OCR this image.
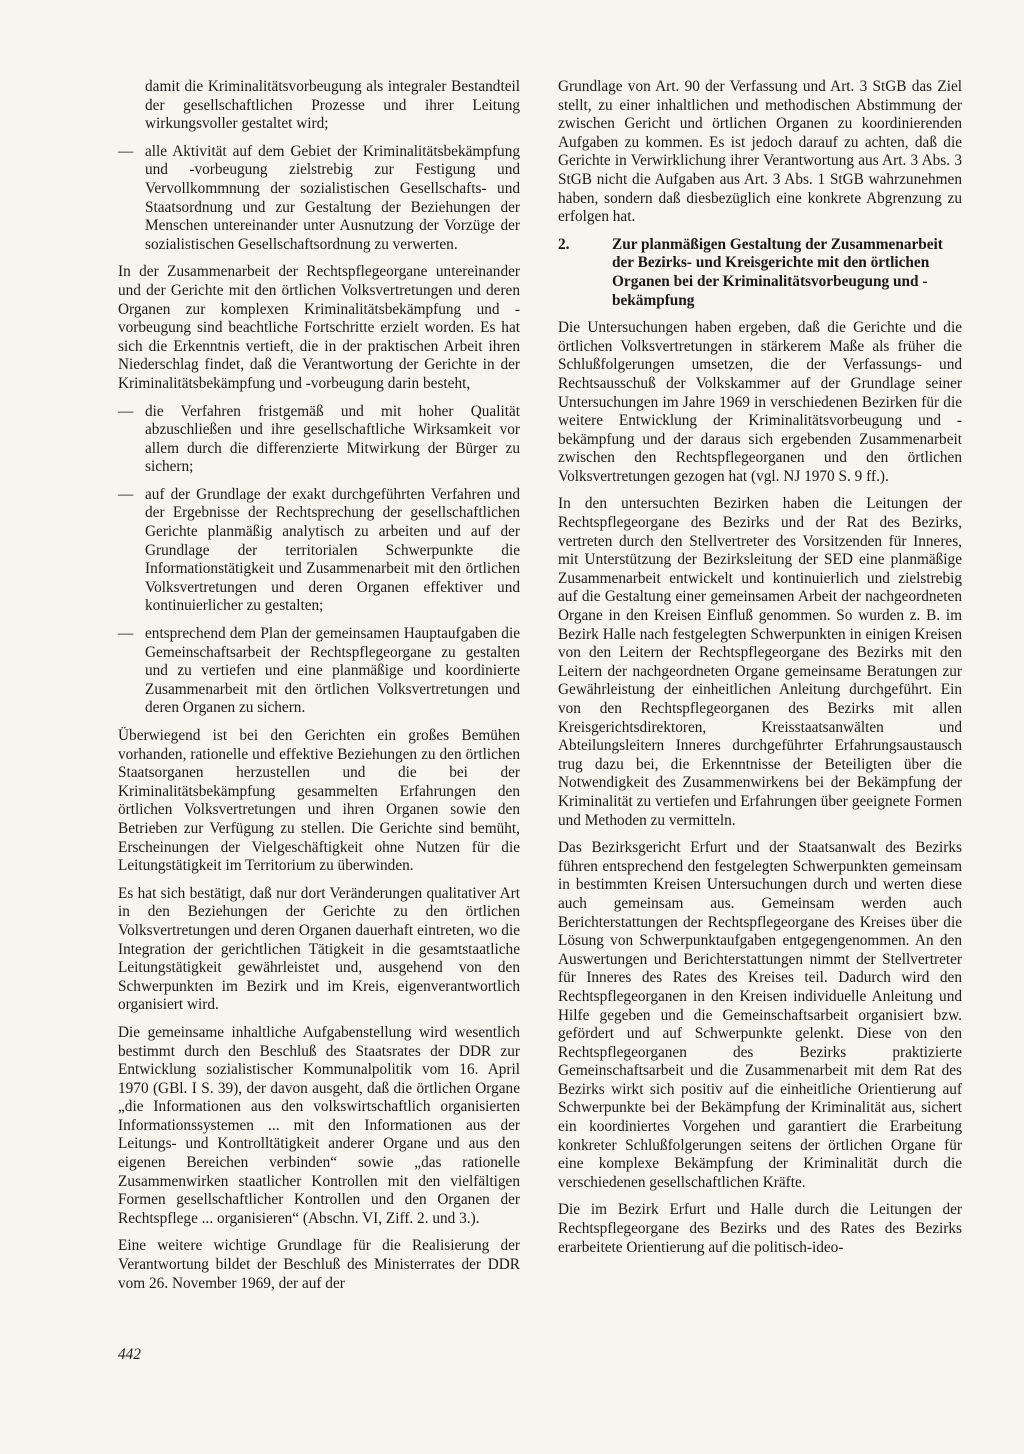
damit die Kriminalitätsvorbeugung als integraler Bestandteil der gesellschaftlichen Prozesse und ihrer Leitung wirkungsvoller gestaltet wird;

— alle Aktivität auf dem Gebiet der Kriminalitätsbekämpfung und -vorbeugung zielstrebig zur Festigung und Vervollkommnung der sozialistischen Gesellschafts- und Staatsordnung und zur Gestaltung der Beziehungen der Menschen untereinander unter Ausnutzung der Vorzüge der sozialistischen Gesellschaftsordnung zu verwerten.

In der Zusammenarbeit der Rechtspflegeorgane untereinander und der Gerichte mit den örtlichen Volksvertretungen und deren Organen zur komplexen Kriminalitätsbekämpfung und -vorbeugung sind beachtliche Fortschritte erzielt worden. Es hat sich die Erkenntnis vertieft, die in der praktischen Arbeit ihren Niederschlag findet, daß die Verantwortung der Gerichte in der Kriminalitätsbekämpfung und -vorbeugung darin besteht,

— die Verfahren fristgemäß und mit hoher Qualität abzuschließen und ihre gesellschaftliche Wirksamkeit vor allem durch die differenzierte Mitwirkung der Bürger zu sichern;

— auf der Grundlage der exakt durchgeführten Verfahren und der Ergebnisse der Rechtsprechung der gesellschaftlichen Gerichte planmäßig analytisch zu arbeiten und auf der Grundlage der territorialen Schwerpunkte die Informationstätigkeit und Zusammenarbeit mit den örtlichen Volksvertretungen und deren Organen effektiver und kontinuierlicher zu gestalten;

— entsprechend dem Plan der gemeinsamen Hauptaufgaben die Gemeinschaftsarbeit der Rechtspflegeorgane zu gestalten und zu vertiefen und eine planmäßige und koordinierte Zusammenarbeit mit den örtlichen Volksvertretungen und deren Organen zu sichern.

Überwiegend ist bei den Gerichten ein großes Bemühen vorhanden, rationelle und effektive Beziehungen zu den örtlichen Staatsorganen herzustellen und die bei der Kriminalitätsbekämpfung gesammelten Erfahrungen den örtlichen Volksvertretungen und ihren Organen sowie den Betrieben zur Verfügung zu stellen. Die Gerichte sind bemüht, Erscheinungen der Vielgeschäftigkeit ohne Nutzen für die Leitungstätigkeit im Territorium zu überwinden.

Es hat sich bestätigt, daß nur dort Veränderungen qualitativer Art in den Beziehungen der Gerichte zu den örtlichen Volksvertretungen und deren Organen dauerhaft eintreten, wo die Integration der gerichtlichen Tätigkeit in die gesamtstaatliche Leitungstätigkeit gewährleistet und, ausgehend von den Schwerpunkten im Bezirk und im Kreis, eigenverantwortlich organisiert wird.

Die gemeinsame inhaltliche Aufgabenstellung wird wesentlich bestimmt durch den Beschluß des Staatsrates der DDR zur Entwicklung sozialistischer Kommunalpolitik vom 16. April 1970 (GBl. I S. 39), der davon ausgeht, daß die örtlichen Organe „die Informationen aus den volkswirtschaftlich organisierten Informationssystemen ... mit den Informationen aus der Leitungs- und Kontrolltätigkeit anderer Organe und aus den eigenen Bereichen verbinden“ sowie „das rationelle Zusammenwirken staatlicher Kontrollen mit den vielfältigen Formen gesellschaftlicher Kontrollen und den Organen der Rechtspflege ... organisieren“ (Abschn. VI, Ziff. 2. und 3.).

Eine weitere wichtige Grundlage für die Realisierung der Verantwortung bildet der Beschluß des Ministerrates der DDR vom 26. November 1969, der auf der

Grundlage von Art. 90 der Verfassung und Art. 3 StGB das Ziel stellt, zu einer inhaltlichen und methodischen Abstimmung der zwischen Gericht und örtlichen Organen zu koordinierenden Aufgaben zu kommen. Es ist jedoch darauf zu achten, daß die Gerichte in Verwirklichung ihrer Verantwortung aus Art. 3 Abs. 3 StGB nicht die Aufgaben aus Art. 3 Abs. 1 StGB wahrzunehmen haben, sondern daß diesbezüglich eine konkrete Abgrenzung zu erfolgen hat.

2.	Zur planmäßigen Gestaltung der Zusammenarbeit der Bezirks- und Kreisgerichte mit den örtlichen Organen bei der Kriminalitätsvorbeugung und -bekämpfung

Die Untersuchungen haben ergeben, daß die Gerichte und die örtlichen Volksvertretungen in stärkerem Maße als früher die Schlußfolgerungen umsetzen, die der Verfassungs- und Rechtsausschuß der Volkskammer auf der Grundlage seiner Untersuchungen im Jahre 1969 in verschiedenen Bezirken für die weitere Entwicklung der Kriminalitätsvorbeugung und -bekämpfung und der daraus sich ergebenden Zusammenarbeit zwischen den Rechtspflegeorganen und den örtlichen Volksvertretungen gezogen hat (vgl. NJ 1970 S. 9 ff.).

In den untersuchten Bezirken haben die Leitungen der Rechtspflegeorgane des Bezirks und der Rat des Bezirks, vertreten durch den Stellvertreter des Vorsitzenden für Inneres, mit Unterstützung der Bezirksleitung der SED eine planmäßige Zusammenarbeit entwickelt und kontinuierlich und zielstrebig auf die Gestaltung einer gemeinsamen Arbeit der nachgeordneten Organe in den Kreisen Einfluß genommen. So wurden z. B. im Bezirk Halle nach festgelegten Schwerpunkten in einigen Kreisen von den Leitern der Rechtspflegeorgane des Bezirks mit den Leitern der nachgeordneten Organe gemeinsame Beratungen zur Gewährleistung der einheitlichen Anleitung durchgeführt. Ein von den Rechtspflegeorganen des Bezirks mit allen Kreisgerichtsdirektoren, Kreisstaatsanwälten und Abteilungsleitern Inneres durchgeführter Erfahrungsaustausch trug dazu bei, die Erkenntnisse der Beteiligten über die Notwendigkeit des Zusammenwirkens bei der Bekämpfung der Kriminalität zu vertiefen und Erfahrungen über geeignete Formen und Methoden zu vermitteln.

Das Bezirksgericht Erfurt und der Staatsanwalt des Bezirks führen entsprechend den festgelegten Schwerpunkten gemeinsam in bestimmten Kreisen Untersuchungen durch und werten diese auch gemeinsam aus. Gemeinsam werden auch Berichterstattungen der Rechtspflegeorgane des Kreises über die Lösung von Schwerpunktaufgaben entgegengenommen. An den Auswertungen und Berichterstattungen nimmt der Stellvertreter für Inneres des Rates des Kreises teil. Dadurch wird den Rechtspflegeorganen in den Kreisen individuelle Anleitung und Hilfe gegeben und die Gemeinschaftsarbeit organisiert bzw. gefördert und auf Schwerpunkte gelenkt. Diese von den Rechtspflegeorganen des Bezirks praktizierte Gemeinschaftsarbeit und die Zusammenarbeit mit dem Rat des Bezirks wirkt sich positiv auf die einheitliche Orientierung auf Schwerpunkte bei der Bekämpfung der Kriminalität aus, sichert ein koordiniertes Vorgehen und garantiert die Erarbeitung konkreter Schlußfolgerungen seitens der örtlichen Organe für eine komplexe Bekämpfung der Kriminalität durch die verschiedenen gesellschaftlichen Kräfte.

Die im Bezirk Erfurt und Halle durch die Leitungen der Rechtspflegeorgane des Bezirks und des Rates des Bezirks erarbeitete Orientierung auf die politisch-ideo-

442
